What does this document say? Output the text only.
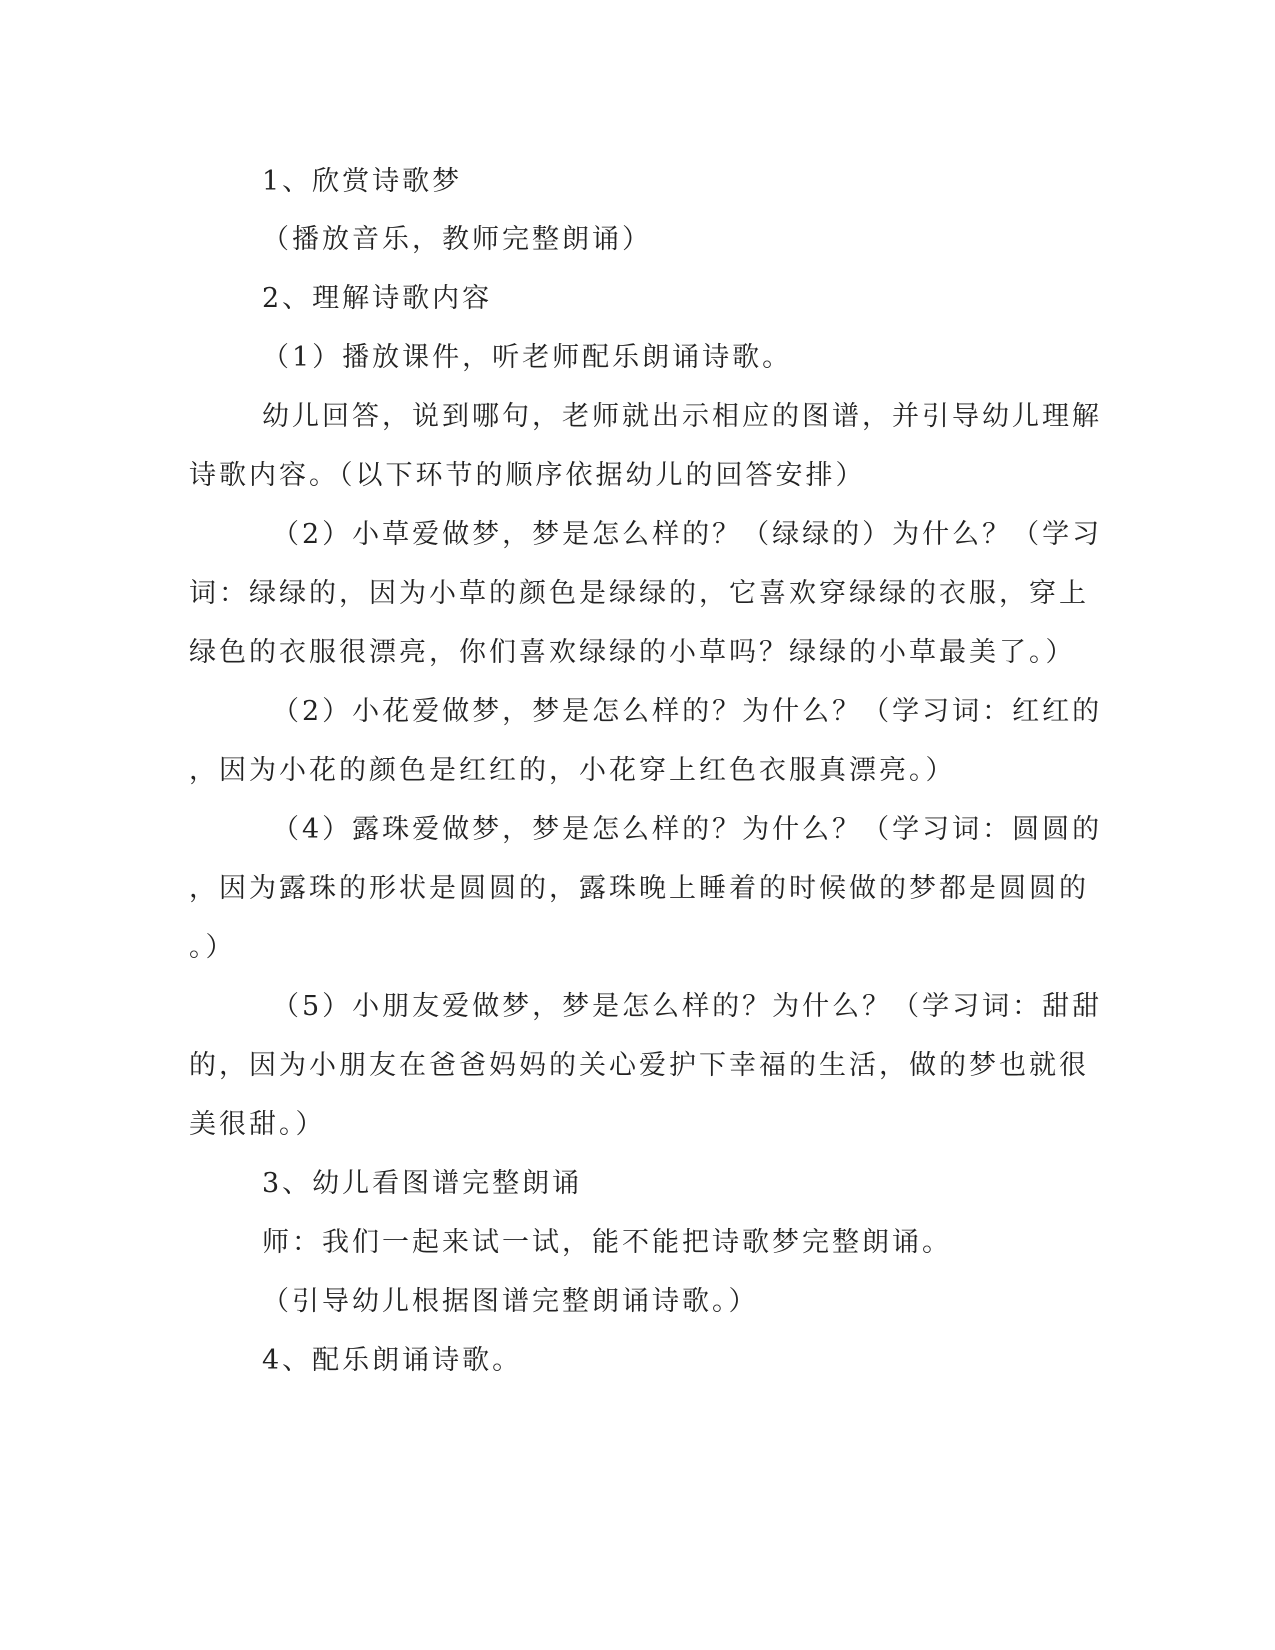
1、欣赏诗歌梦
（播放音乐，教师完整朗诵）
2、理解诗歌内容
（1）播放课件，听老师配乐朗诵诗歌。
幼儿回答，说到哪句，老师就出示相应的图谱，并引导幼儿理解
诗歌内容。（以下环节的顺序依据幼儿的回答安排）
（2）小草爱做梦，梦是怎么样的？（绿绿的）为什么？（学习
词：绿绿的，因为小草的颜色是绿绿的，它喜欢穿绿绿的衣服，穿上
绿色的衣服很漂亮，你们喜欢绿绿的小草吗？绿绿的小草最美了。）
（2）小花爱做梦，梦是怎么样的？为什么？（学习词：红红的
，因为小花的颜色是红红的，小花穿上红色衣服真漂亮。）
（4）露珠爱做梦，梦是怎么样的？为什么？（学习词：圆圆的
，因为露珠的形状是圆圆的，露珠晚上睡着的时候做的梦都是圆圆的
。）
（5）小朋友爱做梦，梦是怎么样的？为什么？（学习词：甜甜
的，因为小朋友在爸爸妈妈的关心爱护下幸福的生活，做的梦也就很
美很甜。）
3、幼儿看图谱完整朗诵
师：我们一起来试一试，能不能把诗歌梦完整朗诵。
（引导幼儿根据图谱完整朗诵诗歌。）
4、配乐朗诵诗歌。
